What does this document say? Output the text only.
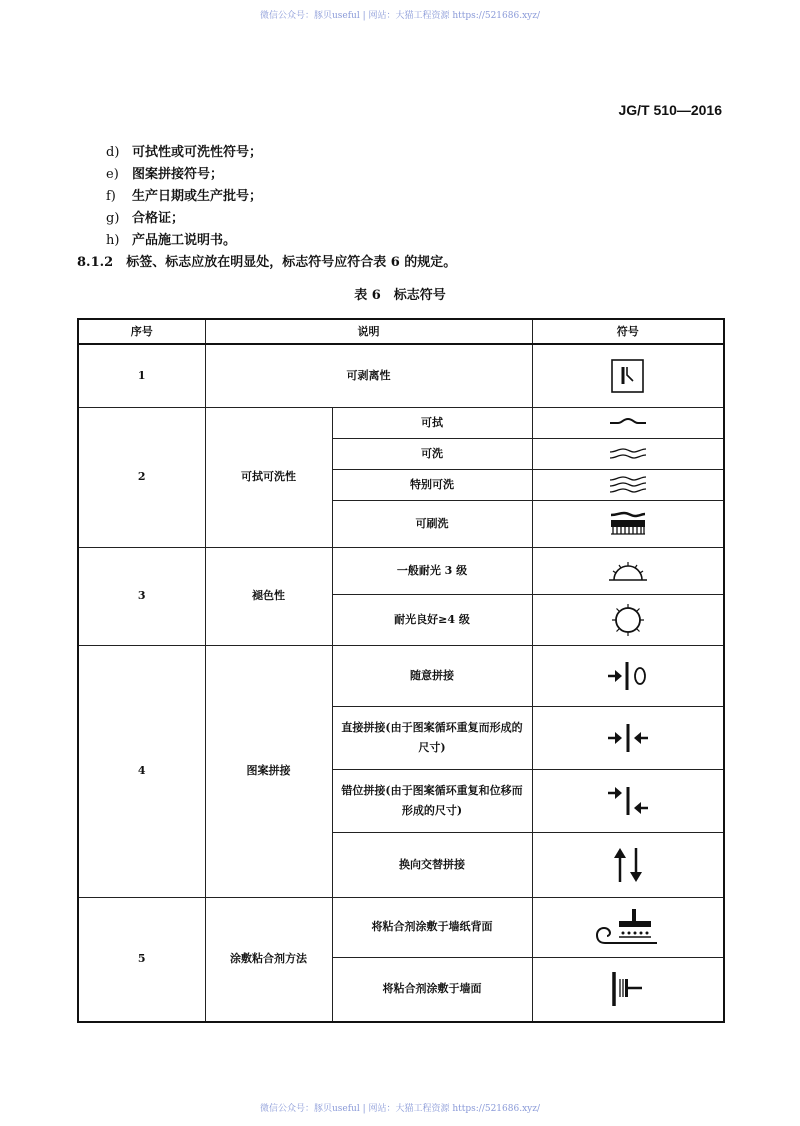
微信公众号：豚贝useful | 网站：大猫工程资源 https://521686.xyz/
JG/T 510—2016
d) 可拭性或可洗性符号；
e) 图案拼接符号；
f) 生产日期或生产批号；
g) 合格证；
h) 产品施工说明书。
8.1.2　标签、标志应放在明显处，标志符号应符合表 6 的规定。
表 6　标志符号
序号	说明		符号
1	可剥离性	

2	可拭可洗性	可拭	

		可洗	

		特别可洗	

		可刷洗	

3	褪色性	一般耐光 3 级	

		耐光良好≥4 级	

4	图案拼接	随意拼接	

		直接拼接(由于图案循环重复而形成的尺寸)	

		错位拼接(由于图案循环重复和位移而形成的尺寸)	

		换向交替拼接	

5	涂敷粘合剂方法	将粘合剂涂敷于墙纸背面	

		将粘合剂涂敷于墙面	
微信公众号：豚贝useful | 网站：大猫工程资源 https://521686.xyz/
